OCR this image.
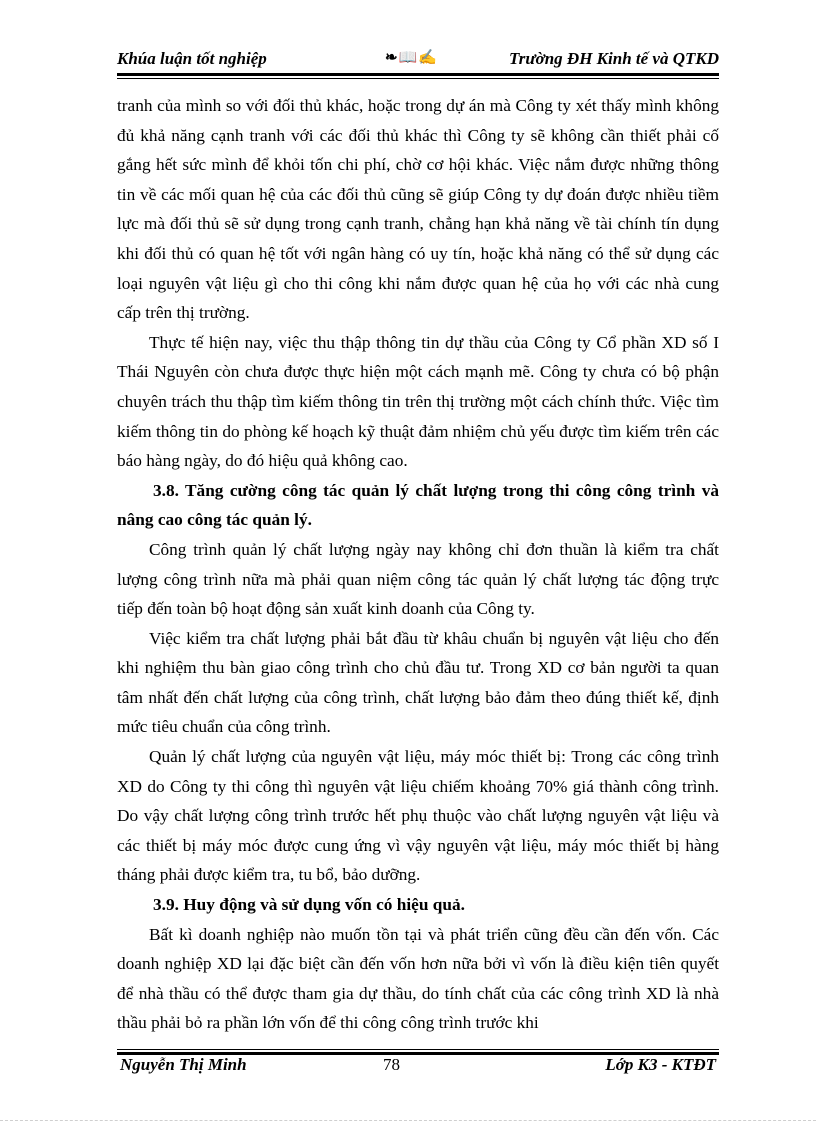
Khúa luận tốt nghiệp	❧📖✍	Trường ĐH Kinh tế và QTKD

tranh của mình so với đối thủ khác, hoặc trong dự án mà Công ty xét thấy mình không đủ khả năng cạnh tranh với các đối thủ khác thì Công ty sẽ không cần thiết phải cố gắng hết sức mình để khỏi tốn chi phí, chờ cơ hội khác. Việc nắm được những thông tin về các mối quan hệ của các đối thủ cũng sẽ giúp Công ty dự đoán được nhiều tiềm lực mà đối thủ sẽ sử dụng trong cạnh tranh, chẳng hạn khả năng về tài chính tín dụng khi đối thủ có quan hệ tốt với ngân hàng có uy tín, hoặc khả năng có thể sử dụng các loại nguyên vật liệu gì cho thi công khi nắm được quan hệ của họ với các nhà cung cấp trên thị trường.

Thực tế hiện nay, việc thu thập thông tin dự thầu của Công ty Cổ phần XD số I Thái Nguyên còn chưa được thực hiện một cách mạnh mẽ. Công ty chưa có bộ phận chuyên trách thu thập tìm kiếm thông tin trên thị trường một cách chính thức. Việc tìm kiếm thông tin do phòng kế hoạch kỹ thuật đảm nhiệm chủ yếu được tìm kiếm trên các báo hàng ngày, do đó hiệu quả không cao.

3.8. Tăng cường công tác quản lý chất lượng trong thi công công trình và nâng cao công tác quản lý.

Công trình quản lý chất lượng ngày nay không chỉ đơn thuần là kiểm tra chất lượng công trình nữa mà phải quan niệm công tác quản lý chất lượng tác động trực tiếp đến toàn bộ hoạt động sản xuất kinh doanh của Công ty.

Việc kiểm tra chất lượng phải bắt đầu từ khâu chuẩn bị nguyên vật liệu cho đến khi nghiệm thu bàn giao công trình cho chủ đầu tư. Trong XD cơ bản người ta quan tâm nhất đến chất lượng của công trình, chất lượng bảo đảm theo đúng thiết kế, định mức tiêu chuẩn của công trình.

Quản lý chất lượng của nguyên vật liệu, máy móc thiết bị: Trong các công trình XD do Công ty thi công thì nguyên vật liệu chiếm khoảng 70% giá thành công trình. Do vậy chất lượng công trình trước hết phụ thuộc vào chất lượng nguyên vật liệu và các thiết bị máy móc được cung ứng vì vậy nguyên vật liệu, máy móc thiết bị hàng tháng phải được kiểm tra, tu bổ, bảo dưỡng.

3.9. Huy động và sử dụng vốn có hiệu quả.

Bất kì doanh nghiệp nào muốn tồn tại và phát triển cũng đều cần đến vốn. Các doanh nghiệp XD lại đặc biệt cần đến vốn hơn nữa bởi vì vốn là điều kiện tiên quyết để nhà thầu có thể được tham gia dự thầu, do tính chất của các công trình XD là nhà thầu phải bỏ ra phần lớn vốn để thi công công trình trước khi

Nguyễn Thị Minh	78	Lớp K3 - KTĐT
